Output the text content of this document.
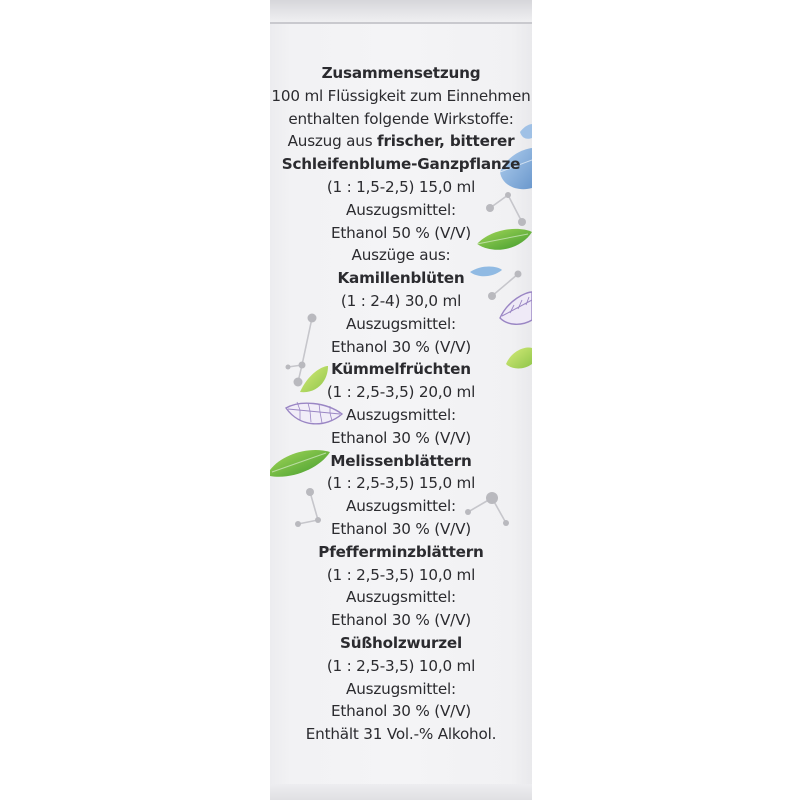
Zusammensetzung
100 ml Flüssigkeit zum Einnehmen
enthalten folgende Wirkstoffe:
Auszug aus frischer, bitterer
Schleifenblume-Ganzpflanze
(1 : 1,5-2,5) 15,0 ml
Auszugsmittel:
Ethanol 50 % (V/V)
Auszüge aus:
Kamillenblüten
(1 : 2-4) 30,0 ml
Auszugsmittel:
Ethanol 30 % (V/V)
Kümmelfrüchten
(1 : 2,5-3,5) 20,0 ml
Auszugsmittel:
Ethanol 30 % (V/V)
Melissenblättern
(1 : 2,5-3,5) 15,0 ml
Auszugsmittel:
Ethanol 30 % (V/V)
Pfefferminzblättern
(1 : 2,5-3,5) 10,0 ml
Auszugsmittel:
Ethanol 30 % (V/V)
Süßholzwurzel
(1 : 2,5-3,5) 10,0 ml
Auszugsmittel:
Ethanol 30 % (V/V)
Enthält 31 Vol.-% Alkohol.
